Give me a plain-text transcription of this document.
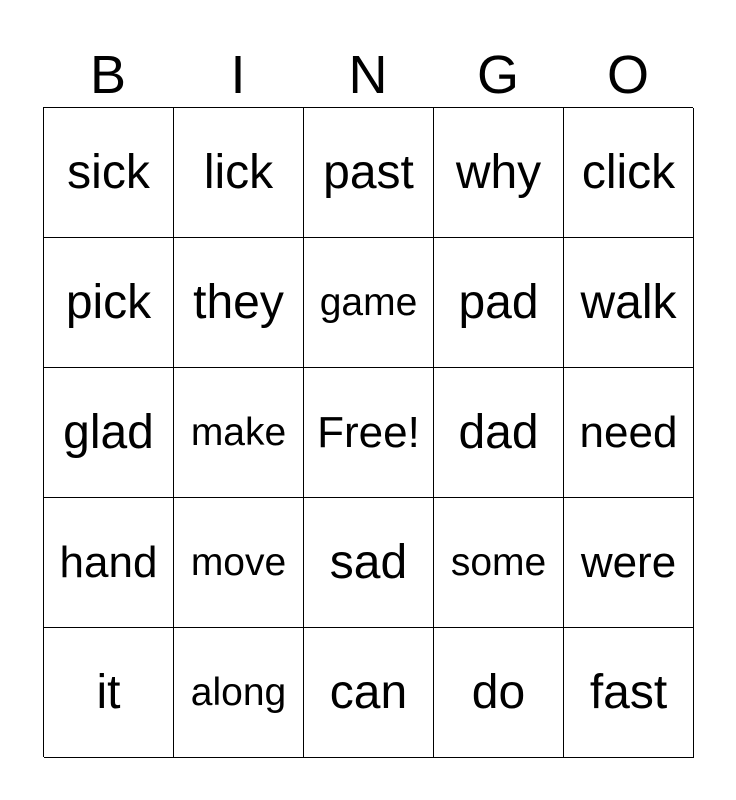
B	I	N	G	O
sick	lick	past why click
pick they game pad walk
glad make Free! dad need
hand move sad	some were
it	along can	do	fast
